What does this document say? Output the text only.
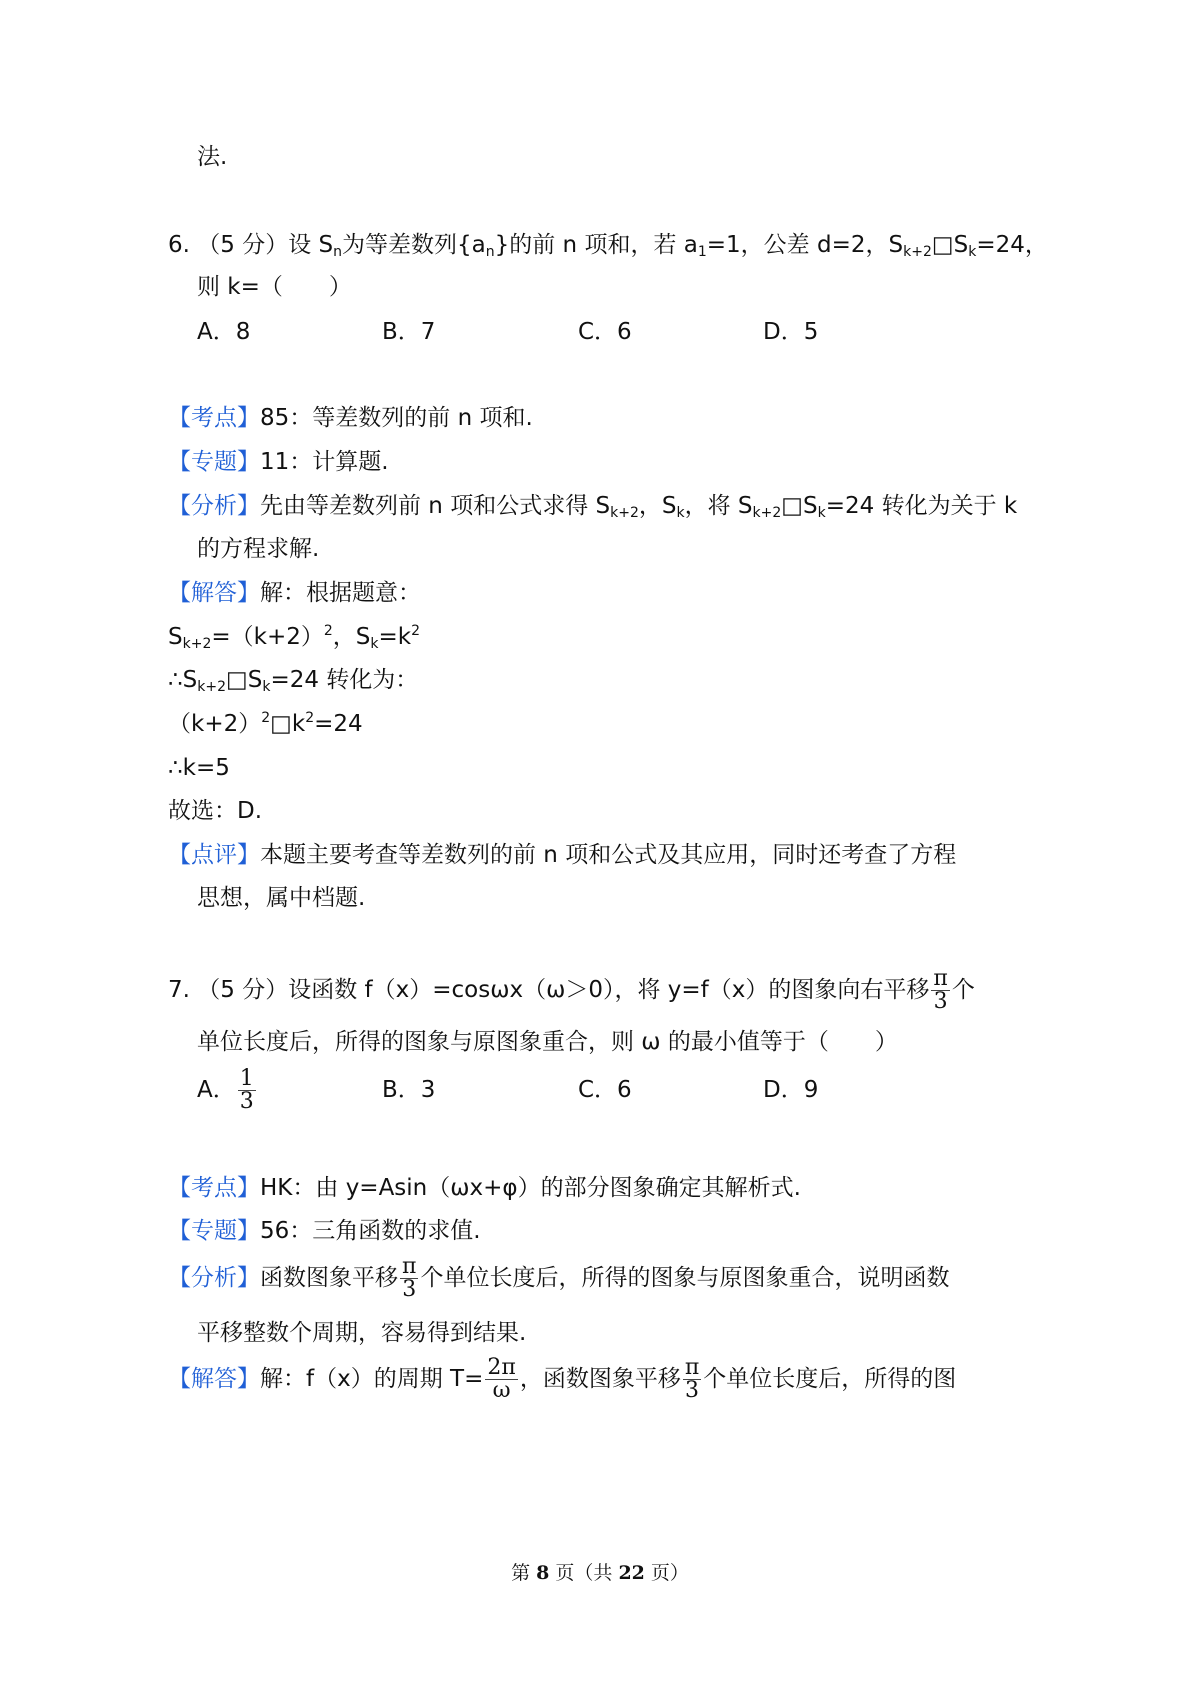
法.
6. （5 分）设 $S_n$为等差数列$\{a_n\}$的前 n 项和，若 $a_1=1$，公差 d=2，$S_{k+2}□S_k=24$，
则 k=（　　）
A．8	B．7	C．6	D．5
【考点】85：等差数列的前 n 项和.
【专题】11：计算题.
【分析】先由等差数列前 n 项和公式求得 $S_{k+2}$，$S_k$，将 $S_{k+2}□S_k=24$ 转化为关于 k
的方程求解.
【解答】解：根据题意：
$S_{k+2}=(k+2)^2$，$S_k=k^2$
$\therefore S_{k+2}□S_k=24$ 转化为：
$(k+2)^2□k^2=24$
∴k=5
故选：D.
【点评】本题主要考查等差数列的前 n 项和公式及其应用，同时还考查了方程
思想，属中档题.
7. （5 分）设函数 f（x）=cosωx（ω＞0），将 y=f（x）的图象向右平移 $\frac{\pi}{3}$ 个
单位长度后，所得的图象与原图象重合，则 ω 的最小值等于（　　）
A． $\frac{1}{3}$	B．3	C．6	D．9
【考点】HK：由 y=Asin（ωx+φ）的部分图象确定其解析式.
【专题】56：三角函数的求值.
【分析】函数图象平移 $\frac{\pi}{3}$ 个单位长度后，所得的图象与原图象重合，说明函数
平移整数个周期，容易得到结果.
【解答】解：f（x）的周期 $T= \frac{2\pi}{\omega}$ ，函数图象平移 $\frac{\pi}{3}$ 个单位长度后，所得的图
第 8 页（共 22 页）
